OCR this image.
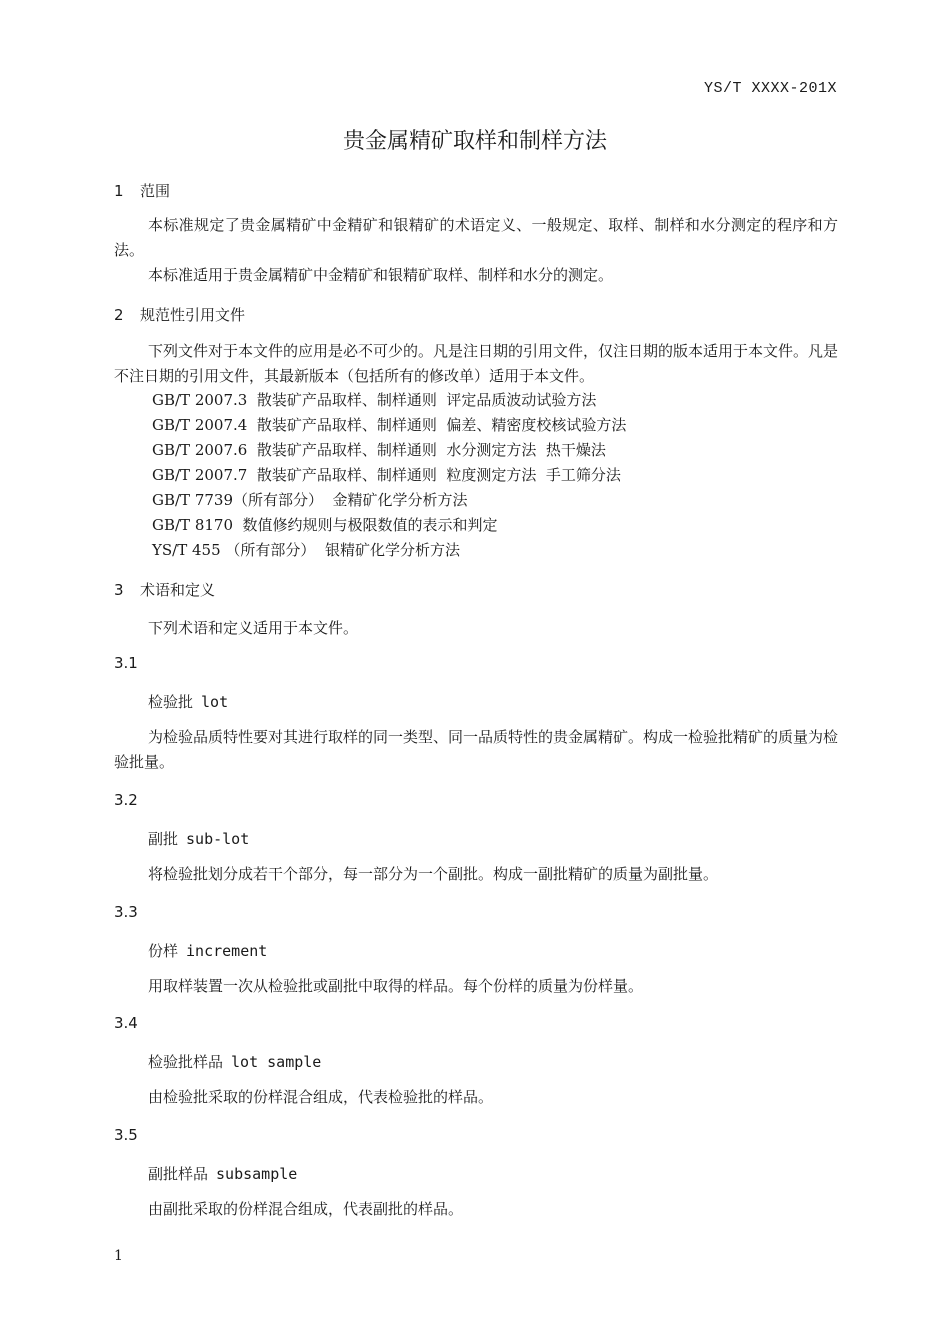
YS/T XXXX-201X
贵金属精矿取样和制样方法
1 范围
本标准规定了贵金属精矿中金精矿和银精矿的术语定义、一般规定、取样、制样和水分测定的程序和方法。
本标准适用于贵金属精矿中金精矿和银精矿取样、制样和水分的测定。
2 规范性引用文件
下列文件对于本文件的应用是必不可少的。凡是注日期的引用文件，仅注日期的版本适用于本文件。凡是不注日期的引用文件，其最新版本（包括所有的修改单）适用于本文件。
GB/T 2007.3  散装矿产品取样、制样通则  评定品质波动试验方法
GB/T 2007.4  散装矿产品取样、制样通则  偏差、精密度校核试验方法
GB/T 2007.6  散装矿产品取样、制样通则  水分测定方法  热干燥法
GB/T 2007.7  散装矿产品取样、制样通则  粒度测定方法  手工筛分法
GB/T 7739（所有部分）  金精矿化学分析方法
GB/T 8170  数值修约规则与极限数值的表示和判定
YS/T 455 （所有部分）  银精矿化学分析方法
3 术语和定义
下列术语和定义适用于本文件。
3.1
检验批 lot
为检验品质特性要对其进行取样的同一类型、同一品质特性的贵金属精矿。构成一检验批精矿的质量为检验批量。
3.2
副批 sub-lot
将检验批划分成若干个部分，每一部分为一个副批。构成一副批精矿的质量为副批量。
3.3
份样 increment
用取样装置一次从检验批或副批中取得的样品。每个份样的质量为份样量。
3.4
检验批样品 lot sample
由检验批采取的份样混合组成，代表检验批的样品。
3.5
副批样品 subsample
由副批采取的份样混合组成，代表副批的样品。
1
